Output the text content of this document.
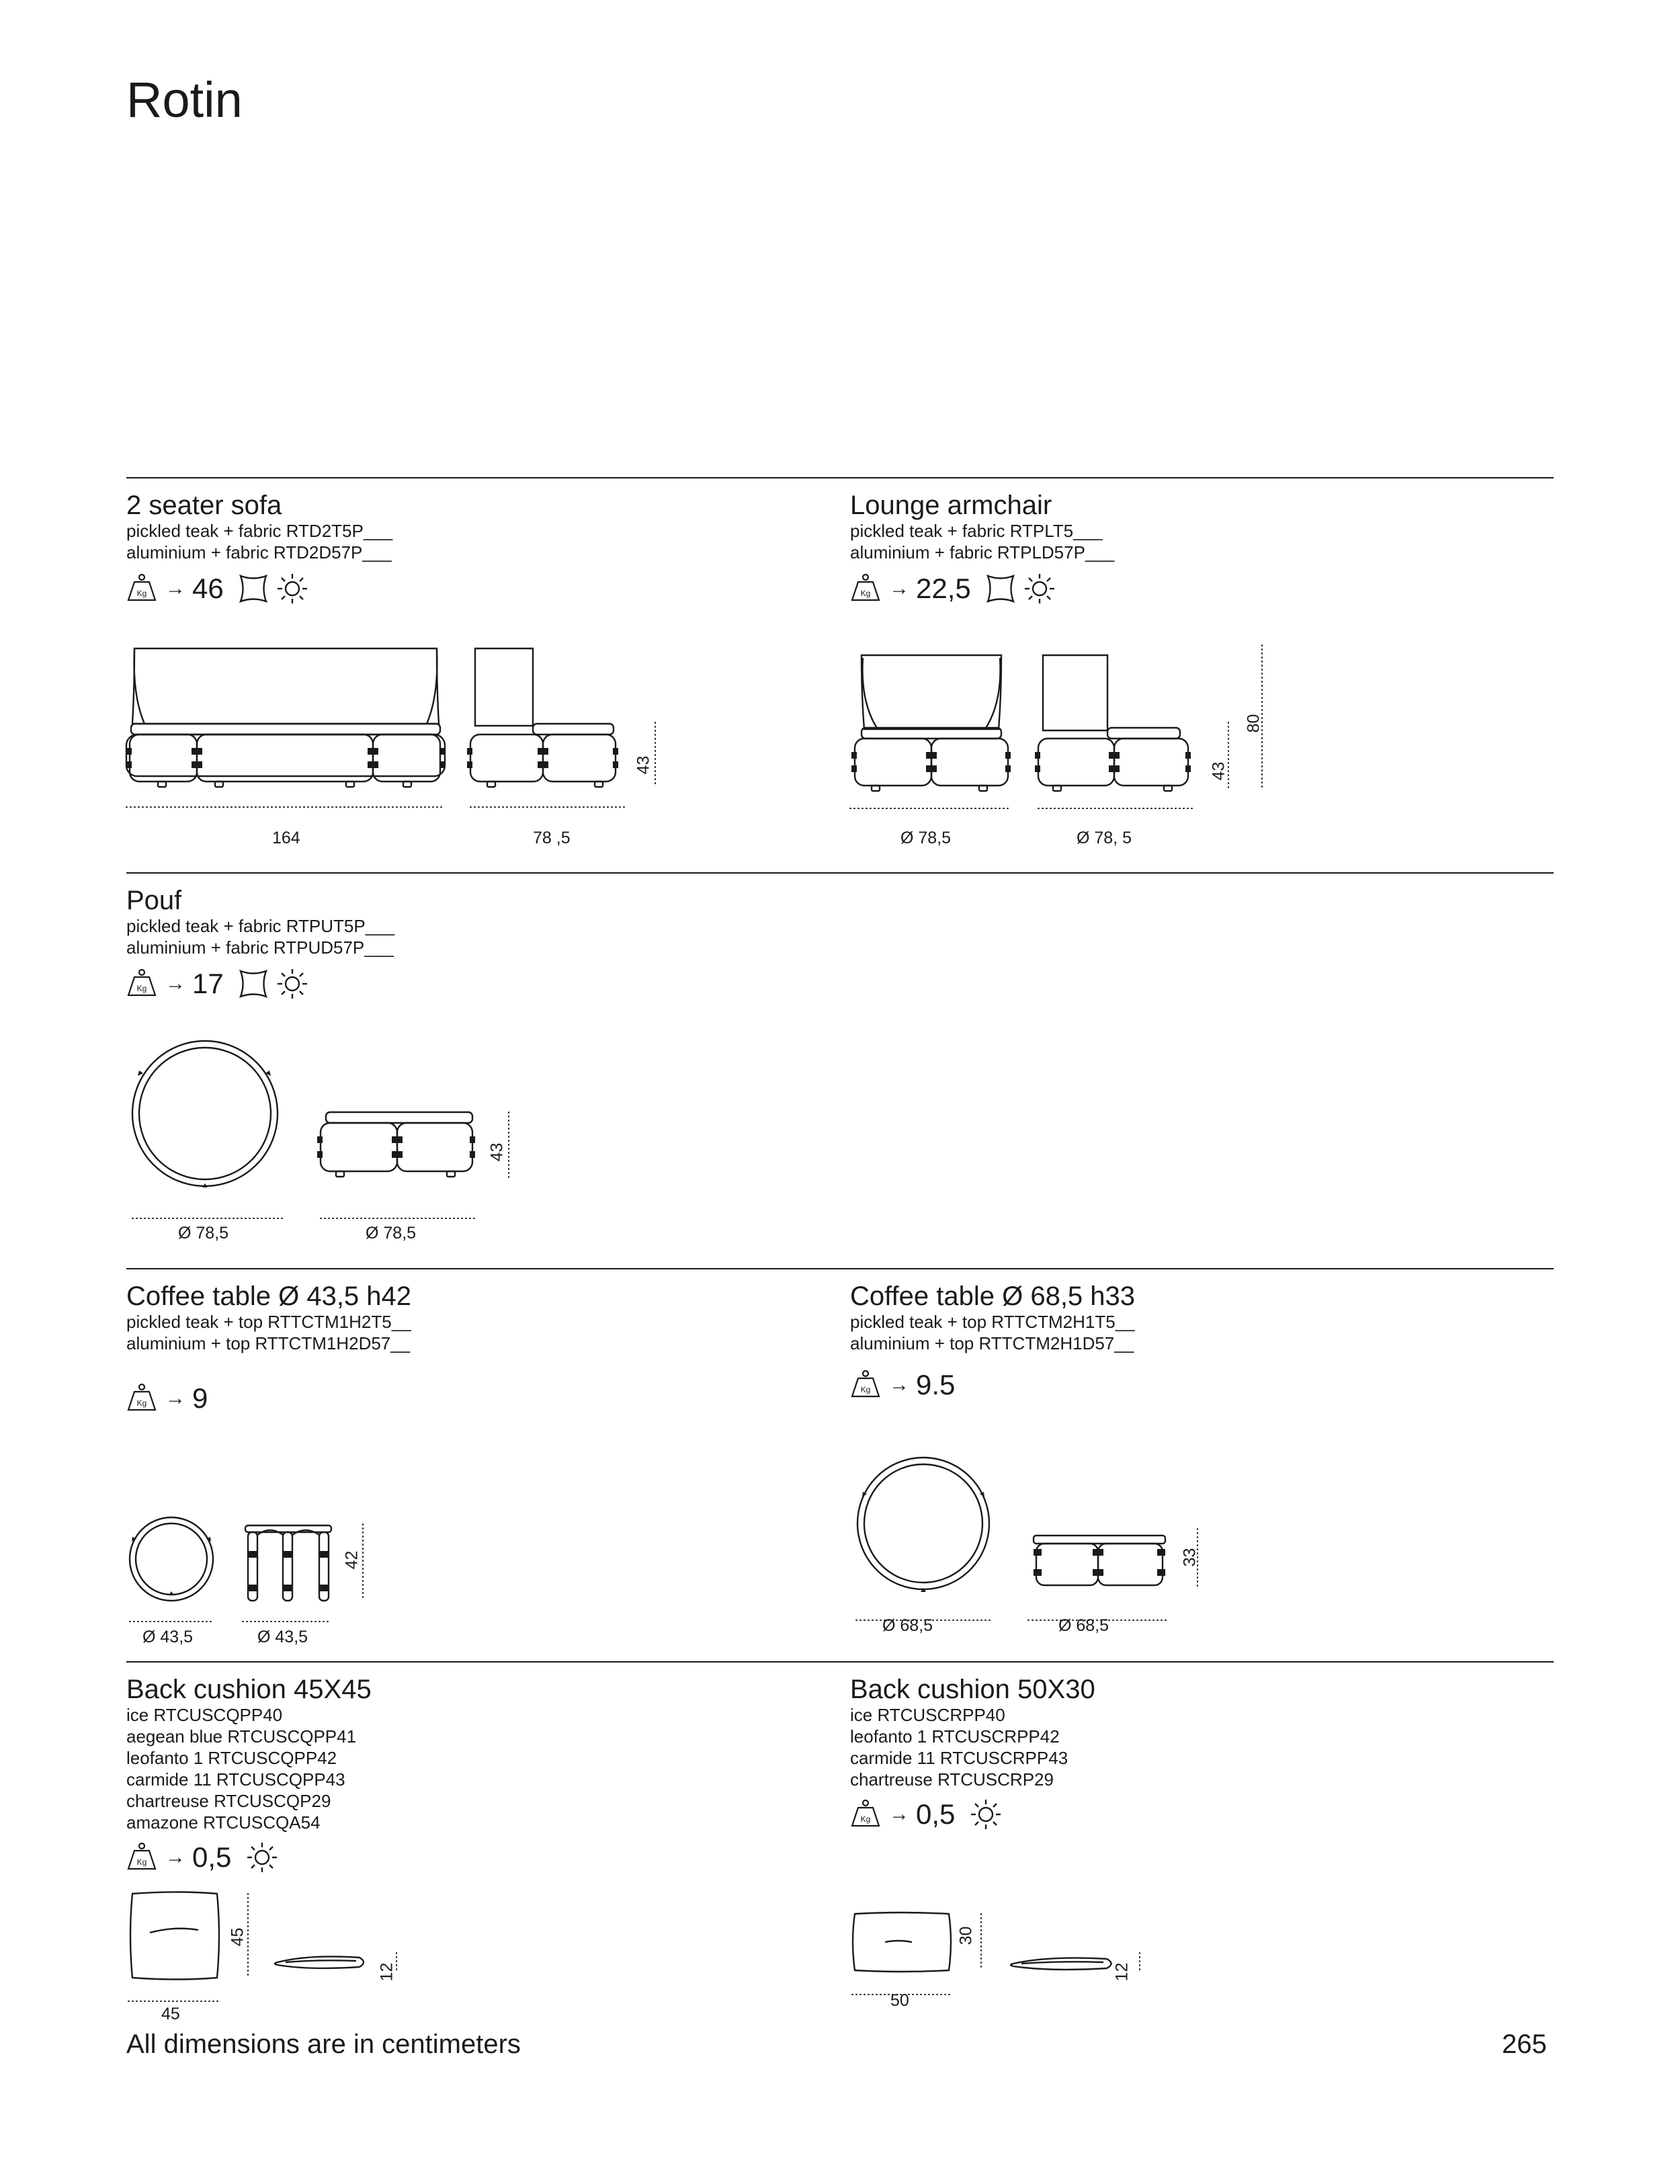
Rotin
2 seater sofa
pickled teak + fabric RTD2T5P___
aluminium + fabric RTD2D57P___
Kg → 46
164	78 ,5
43
Lounge armchair
pickled teak + fabric RTPLT5___
aluminium + fabric RTPLD57P___
Kg → 22,5
Ø 78,5	Ø 78, 5
43
80
Pouf
pickled teak + fabric RTPUT5P___
aluminium + fabric RTPUD57P___
Kg → 17
Ø 78,5	Ø 78,5
43
Coffee table Ø 43,5 h42
pickled teak + top RTTCTM1H2T5__
aluminium + top RTTCTM1H2D57__
Kg → 9
Ø 43,5	Ø 43,5
42
Coffee table Ø 68,5 h33
pickled teak + top RTTCTM2H1T5__
aluminium + top RTTCTM2H1D57__
Kg → 9.5
Ø 68,5	Ø 68,5
33
Back cushion 45X45
ice RTCUSCQPP40
aegean blue RTCUSCQPP41
leofanto 1 RTCUSCQPP42
carmide 11 RTCUSCQPP43
chartreuse RTCUSCQP29
amazone RTCUSCQA54
Kg → 0,5
45
45
12
Back cushion 50X30
ice RTCUSCRPP40
leofanto 1 RTCUSCRPP42
carmide 11 RTCUSCRPP43
chartreuse RTCUSCRP29
Kg → 0,5
50
30
12
All dimensions are in centimeters	265
